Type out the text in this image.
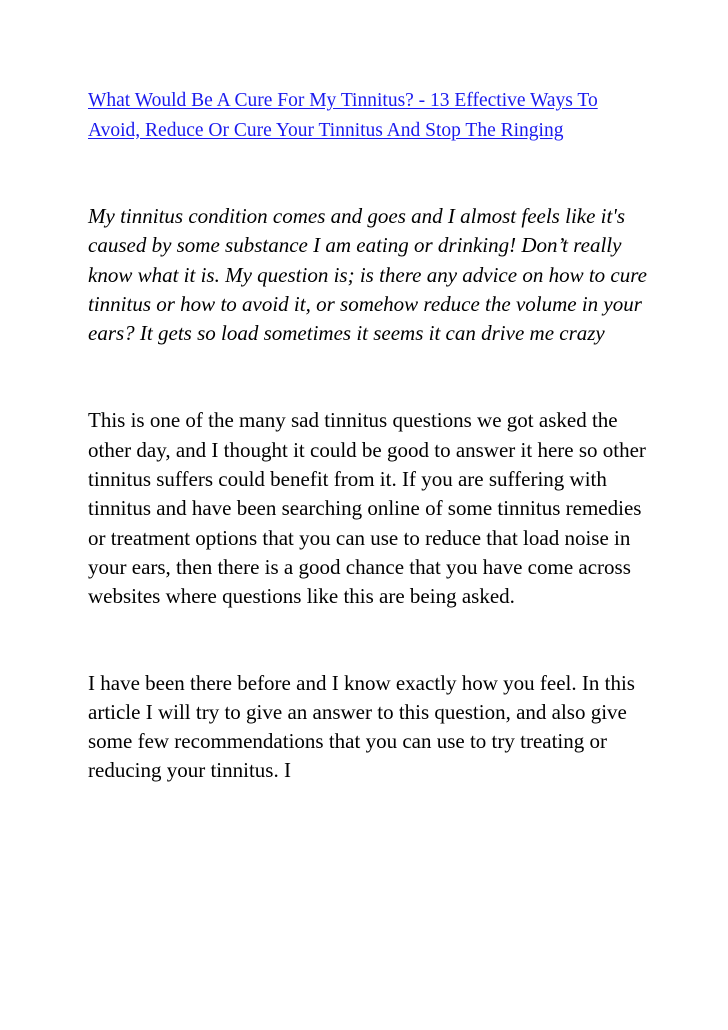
What Would Be A Cure For My Tinnitus? - 13 Effective Ways To Avoid, Reduce Or Cure Your Tinnitus And Stop The Ringing

My tinnitus condition comes and goes and I almost feels like it's caused by some substance I am eating or drinking! Don’t really know what it is. My question is; is there any advice on how to cure tinnitus or how to avoid it, or somehow reduce the volume in your ears? It gets so load sometimes it seems it can drive me crazy

This is one of the many sad tinnitus questions we got asked the other day, and I thought it could be good to answer it here so other tinnitus suffers could benefit from it. If you are suffering with tinnitus and have been searching online of some tinnitus remedies or treatment options that you can use to reduce that load noise in your ears, then there is a good chance that you have come across websites where questions like this are being asked.

I have been there before and I know exactly how you feel. In this article I will try to give an answer to this question, and also give some few recommendations that you can use to try treating or reducing your tinnitus. I
